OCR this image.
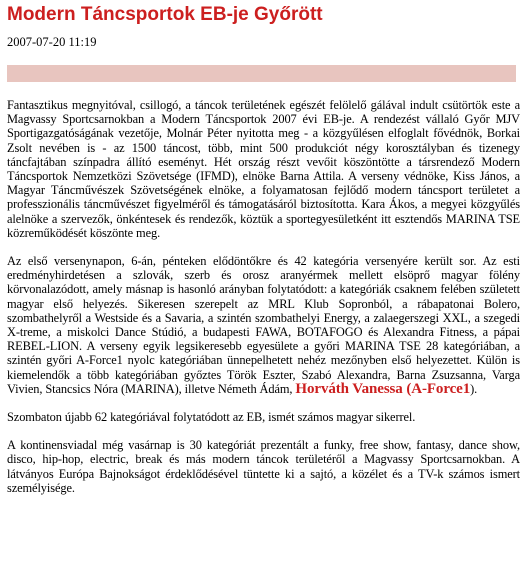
Modern Táncsportok EB-je Győrött
2007-07-20 11:19

Fantasztikus megnyitóval, csillogó, a táncok területének egészét felölelő gálával indult csütörtök este a Magvassy Sportcsarnokban a Modern Táncsportok 2007 évi EB-je. A rendezést vállaló Győr MJV Sportigazgatóságának vezetője, Molnár Péter nyitotta meg - a közgyűlésen elfoglalt fővédnök, Borkai Zsolt nevében is - az 1500 táncost, több, mint 500 produkciót négy korosztályban és tizenegy táncfajtában színpadra állító eseményt. Hét ország részt vevőit köszöntötte a társrendező Modern Táncsportok Nemzetközi Szövetsége (IFMD), elnöke Barna Attila. A verseny védnöke, Kiss János, a Magyar Táncművészek Szövetségének elnöke, a folyamatosan fejlődő modern táncsport területet a professzionális táncművészet figyelméről és támogatásáról biztosította. Kara Ákos, a megyei közgyűlés alelnöke a szervezők, önkéntesek és rendezők, köztük a sportegyesületként itt esztendős MARINA TSE közreműködését köszönte meg.

Az első versenynapon, 6-án, pénteken elődöntőkre és 42 kategória versenyére került sor. Az esti eredményhirdetésen a szlovák, szerb és orosz aranyérmek mellett elsöprő magyar fölény körvonalazódott, amely másnap is hasonló arányban folytatódott: a kategóriák csaknem felében született magyar első helyezés. Sikeresen szerepelt az MRL Klub Sopronból, a rábapatonai Bolero, szombathelyről a Westside és a Savaria, a szintén szombathelyi Energy, a zalaegerszegi XXL, a szegedi X-treme, a miskolci Dance Stúdió, a budapesti FAWA, BOTAFOGO és Alexandra Fitness, a pápai REBEL-LION. A verseny egyik legsikeresebb egyesülete a győri MARINA TSE 28 kategóriában, a szintén győri A-Force1 nyolc kategóriában ünnepelhetett nehéz mezőnyben első helyezettet. Külön is kiemelendők a több kategóriában győztes Török Eszter, Szabó Alexandra, Barna Zsuzsanna, Varga Vivien, Stancsics Nóra (MARINA), illetve Németh Ádám, Horváth Vanessa (A-Force1).

Szombaton újabb 62 kategóriával folytatódott az EB, ismét számos magyar sikerrel.

A kontinensviadal még vasárnap is 30 kategóriát prezentált a funky, free show, fantasy, dance show, disco, hip-hop, electric, break és más modern táncok területéről a Magvassy Sportcsarnokban. A látványos Európa Bajnokságot érdeklődésével tüntette ki a sajtó, a közélet és a TV-k számos ismert személyisége.
